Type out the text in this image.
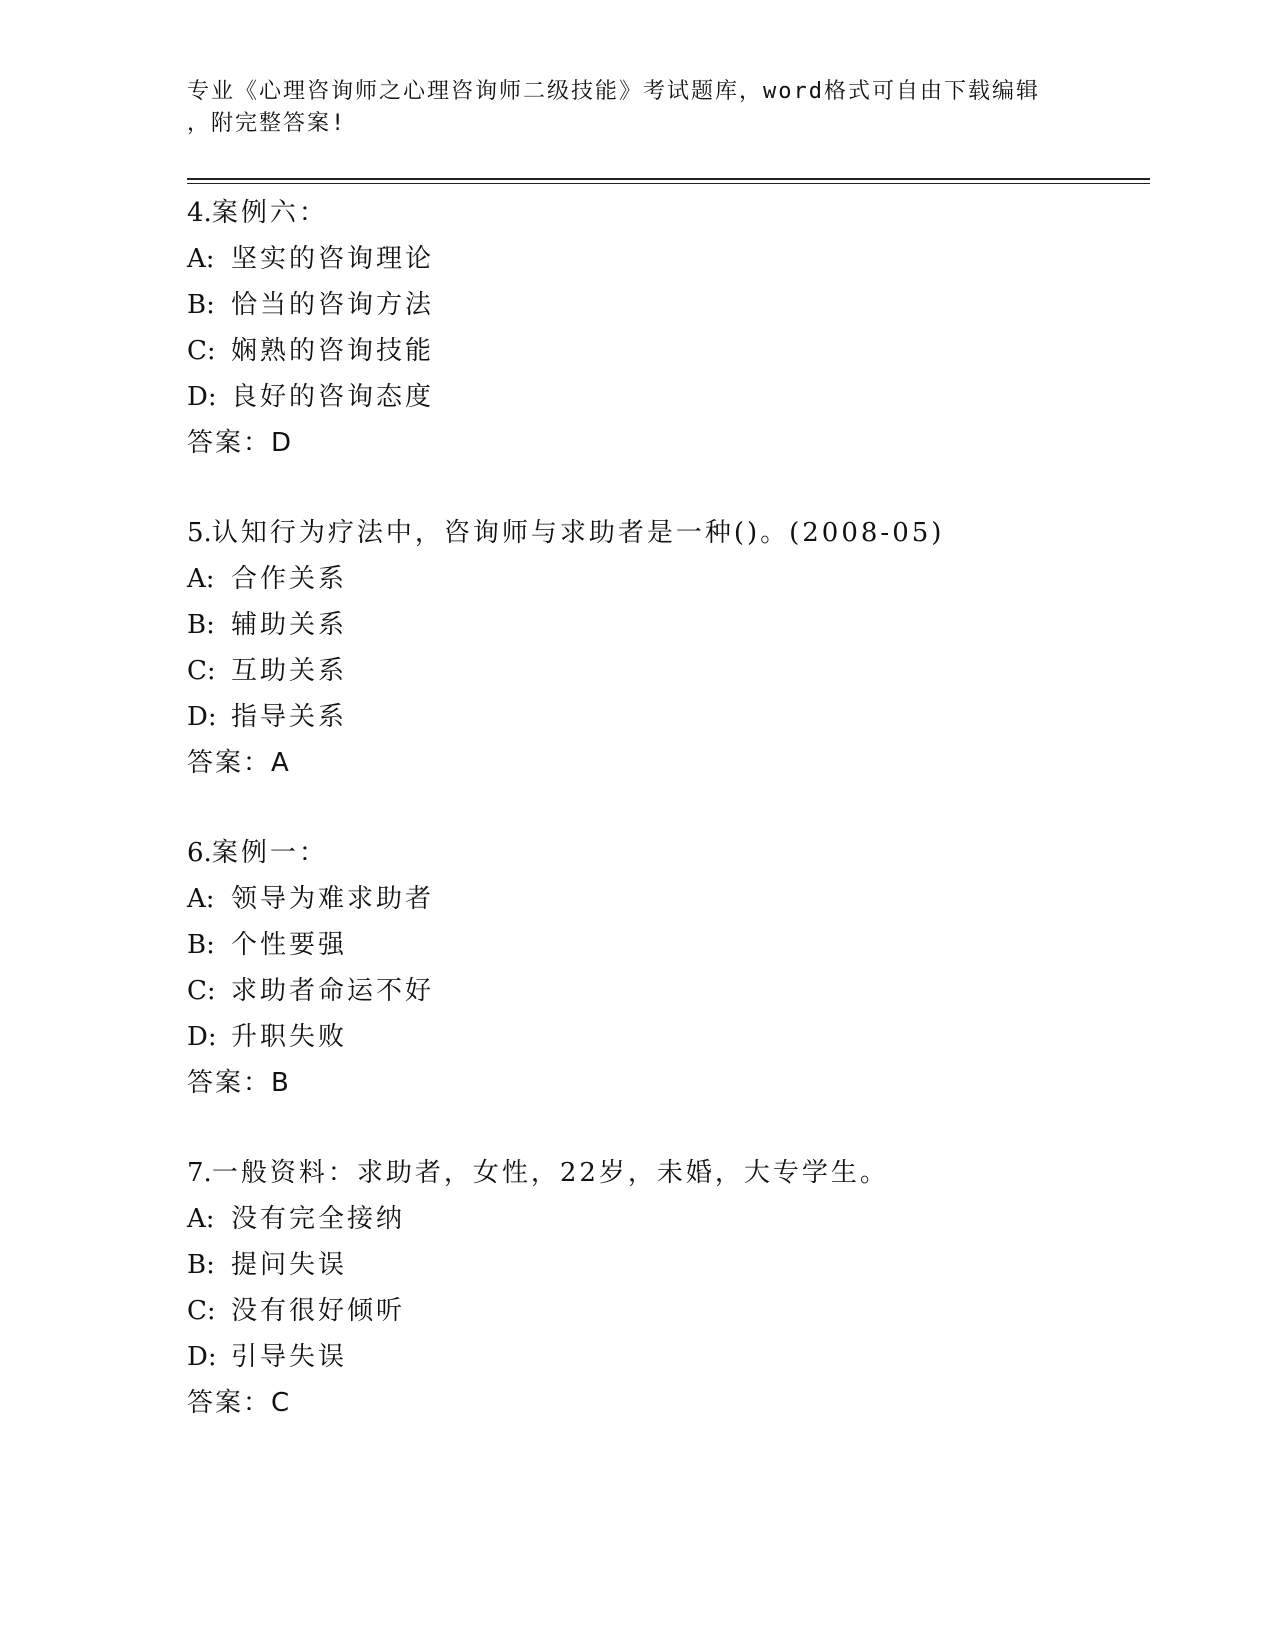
专业《心理咨询师之心理咨询师二级技能》考试题库，word格式可自由下载编辑
，附完整答案!
4.案例六：
A: 坚实的咨询理论
B: 恰当的咨询方法
C: 娴熟的咨询技能
D: 良好的咨询态度
答案：D
5.认知行为疗法中，咨询师与求助者是一种()。(2008-05)
A: 合作关系
B: 辅助关系
C: 互助关系
D: 指导关系
答案：A
6.案例一：
A: 领导为难求助者
B: 个性要强
C: 求助者命运不好
D: 升职失败
答案：B
7.一般资料：求助者，女性，22岁，未婚，大专学生。
A: 没有完全接纳
B: 提问失误
C: 没有很好倾听
D: 引导失误
答案：C
